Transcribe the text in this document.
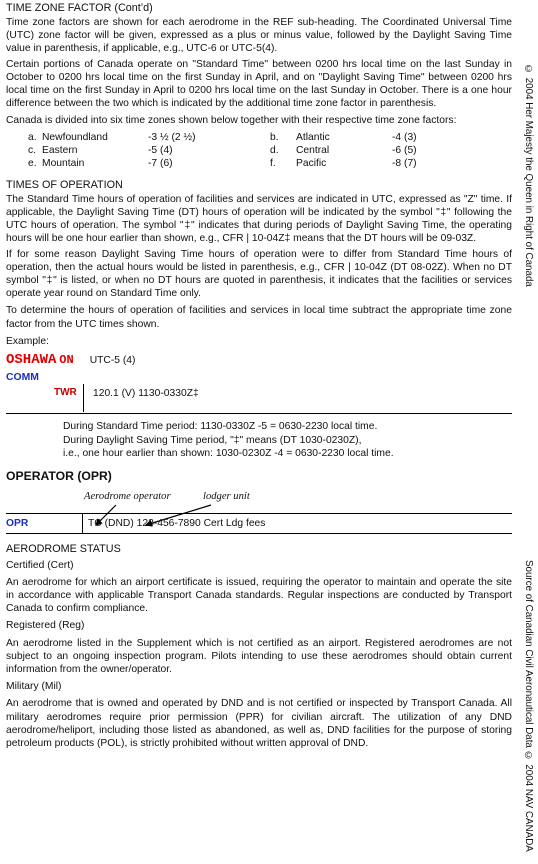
TIME ZONE FACTOR (Cont’d)

Time zone factors are shown for each aerodrome in the REF sub-heading. The Coordinated Universal Time (UTC) zone factor will be given, expressed as a plus or minus value, followed by the Daylight Saving Time value in parenthesis, if applicable, e.g., UTC-6 or UTC-5(4).

Certain portions of Canada operate on "Standard Time" between 0200 hrs local time on the last Sunday in October to 0200 hrs local time on the first Sunday in April, and on "Daylight Saving Time" between 0200 hrs local time on the first Sunday in April to 0200 hrs local time on the last Sunday in October. There is a one hour difference between the two which is indicated by the additional time zone factor in parenthesis.

Canada is divided into six time zones shown below together with their respective time zone factors:

a. Newfoundland	-3 ½ (2 ½)	b.	Atlantic	-4 (3)
c. Eastern	-5 (4)	d.	Central	-6 (5)
e. Mountain	-7 (6)	f.	Pacific	-8 (7)
TIMES OF OPERATION

The Standard Time hours of operation of facilities and services are indicated in UTC, expressed as "Z" time. If applicable, the Daylight Saving Time (DT) hours of operation will be indicated by the symbol "‡" following the UTC hours of operation. The symbol "‡" indicates that during periods of Daylight Saving Time, the operating hours will be one hour earlier than shown, e.g., CFR | 10-04Z‡ means that the DT hours will be 09-03Z.

If for some reason Daylight Saving Time hours of operation were to differ from Standard Time hours of operation, then the actual hours would be listed in parenthesis, e.g., CFR | 10-04Z (DT 08-02Z). When no DT symbol "‡" is listed, or when no DT hours are quoted in parenthesis, it indicates that the facilities or services operate year round on Standard Time only.

To determine the hours of operation of facilities and services in local time subtract the appropriate time zone factor from the UTC times shown.

Example:

OSHAWA ON UTC-5 (4)
COMM
TWR 120.1 (V) 1130-0330Z‡
During Standard Time period: 1130-0330Z -5 = 0630-2230 local time.
During Daylight Saving Time period, "‡" means (DT 1030-0230Z),
i.e., one hour earlier than shown: 1030-0230Z -4 = 0630-2230 local time.
OPERATOR (OPR)
Aerodrome operator	lodger unit
OPR	TC (DND) 123-456-7890 Cert Ldg fees
AERODROME STATUS

Certified (Cert)

An aerodrome for which an airport certificate is issued, requiring the operator to maintain and operate the site in accordance with applicable Transport Canada standards. Regular inspections are conducted by Transport Canada to confirm compliance.

Registered (Reg)

An aerodrome listed in the Supplement which is not certified as an airport. Registered aerodromes are not subject to an ongoing inspection program. Pilots intending to use these aerodromes should obtain current information from the owner/operator.

Military (Mil)

An aerodrome that is owned and operated by DND and is not certified or inspected by Transport Canada. All military aerodromes require prior permission (PPR) for civilian aircraft. The utilization of any DND aerodrome/heliport, including those listed as abandoned, as well as, DND facilities for the purpose of storing petroleum products (POL), is strictly prohibited without written approval of DND.

© 2004 Her Majesty the Queen in Right of Canada
Source of Canadian Civil Aeronautical Data © 2004 NAV CANADA
